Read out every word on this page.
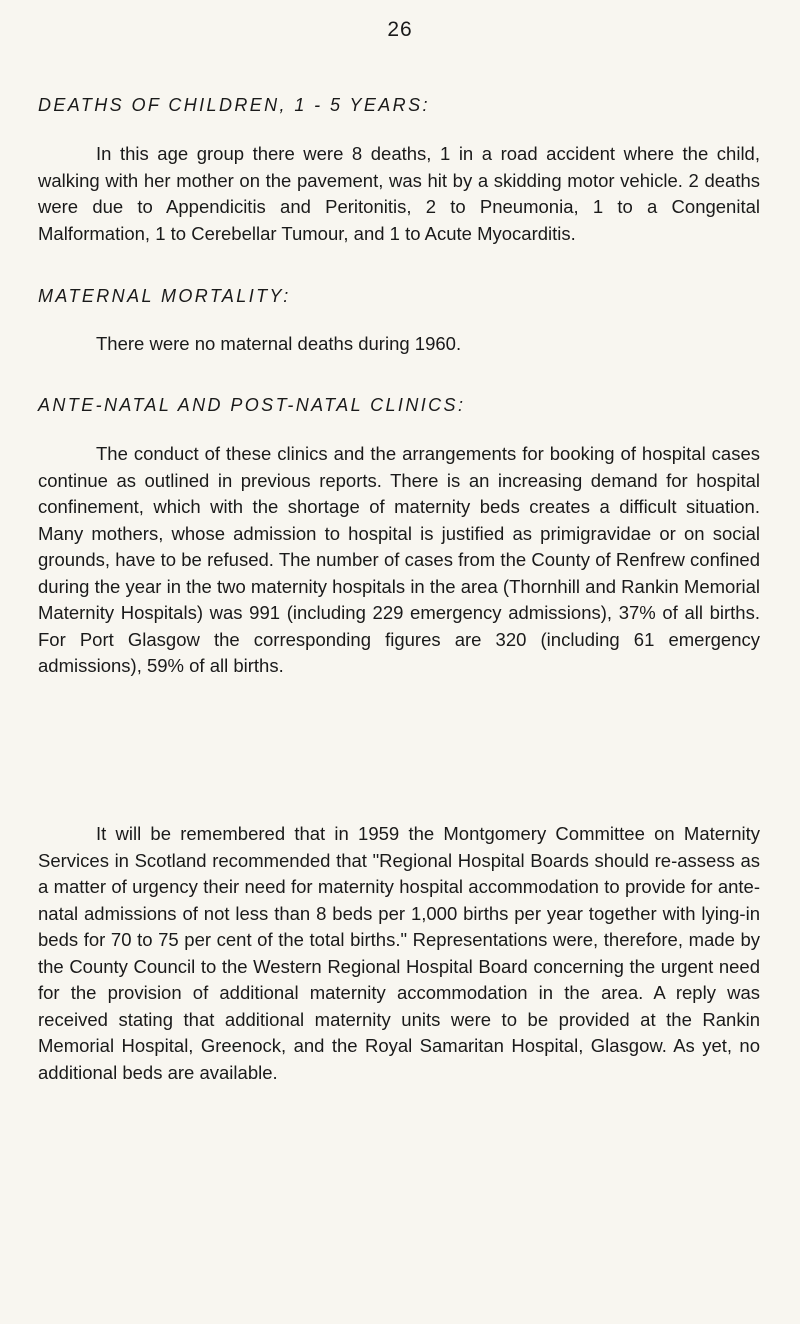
26
DEATHS OF CHILDREN, 1 - 5 YEARS:

In this age group there were 8 deaths, 1 in a road accident where the child, walking with her mother on the pavement, was hit by a skidding motor vehicle. 2 deaths were due to Appendicitis and Peritonitis, 2 to Pneumonia, 1 to a Congenital Malformation, 1 to Cerebellar Tumour, and 1 to Acute Myocarditis.

MATERNAL MORTALITY:

There were no maternal deaths during 1960.

ANTE-NATAL AND POST-NATAL CLINICS:

The conduct of these clinics and the arrangements for booking of hospital cases continue as outlined in previous reports. There is an increasing demand for hospital confinement, which with the shortage of maternity beds creates a difficult situation. Many mothers, whose admission to hospital is justified as primigravidae or on social grounds, have to be refused. The number of cases from the County of Renfrew confined during the year in the two maternity hospitals in the area (Thornhill and Rankin Memorial Maternity Hospitals) was 991 (including 229 emergency admissions), 37% of all births. For Port Glasgow the corresponding figures are 320 (including 61 emergency admissions), 59% of all births.

It will be remembered that in 1959 the Montgomery Committee on Maternity Services in Scotland recommended that "Regional Hospital Boards should re-assess as a matter of urgency their need for maternity hospital accommodation to provide for ante-natal admissions of not less than 8 beds per 1,000 births per year together with lying-in beds for 70 to 75 per cent of the total births." Representations were, therefore, made by the County Council to the Western Regional Hospital Board concerning the urgent need for the provision of additional maternity accommodation in the area. A reply was received stating that additional maternity units were to be provided at the Rankin Memorial Hospital, Greenock, and the Royal Samaritan Hospital, Glasgow. As yet, no additional beds are available.
